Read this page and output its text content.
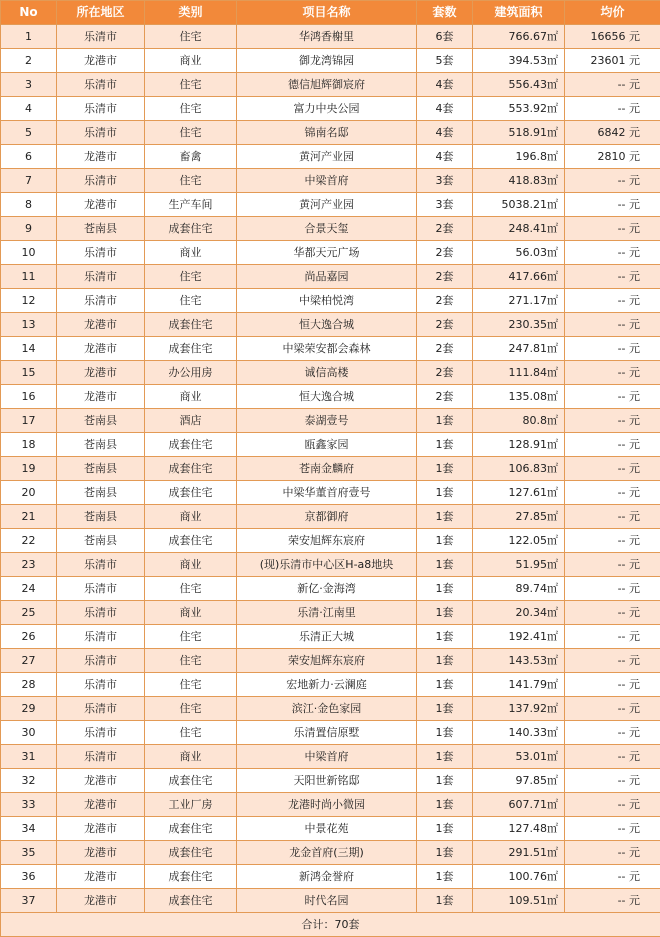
No	所在地区	类别	项目名称	套数	建筑面积	均价
1	乐清市	住宅	华鸿香榭里	6套	766.67㎡	16656 元
2	龙港市	商业	御龙湾锦园	5套	394.53㎡	23601 元
3	乐清市	住宅	德信旭辉御宸府	4套	556.43㎡	-- 元
4	乐清市	住宅	富力中央公园	4套	553.92㎡	-- 元
5	乐清市	住宅	锦南名邸	4套	518.91㎡	6842 元
6	龙港市	畜禽	黄河产业园	4套	196.8㎡	2810 元
7	乐清市	住宅	中梁首府	3套	418.83㎡	-- 元
8	龙港市	生产车间	黄河产业园	3套	5038.21㎡	-- 元
9	苍南县	成套住宅	合景天玺	2套	248.41㎡	-- 元
10	乐清市	商业	华都天元广场	2套	56.03㎡	-- 元
11	乐清市	住宅	尚品嘉园	2套	417.66㎡	-- 元
12	乐清市	住宅	中梁柏悦湾	2套	271.17㎡	-- 元
13	龙港市	成套住宅	恒大逸合城	2套	230.35㎡	-- 元
14	龙港市	成套住宅	中梁荣安都会森林	2套	247.81㎡	-- 元
15	龙港市	办公用房	诚信高楼	2套	111.84㎡	-- 元
16	龙港市	商业	恒大逸合城	2套	135.08㎡	-- 元
17	苍南县	酒店	泰湖壹号	1套	80.8㎡	-- 元
18	苍南县	成套住宅	瓯鑫家园	1套	128.91㎡	-- 元
19	苍南县	成套住宅	苍南金麟府	1套	106.83㎡	-- 元
20	苍南县	成套住宅	中梁华董首府壹号	1套	127.61㎡	-- 元
21	苍南县	商业	京都御府	1套	27.85㎡	-- 元
22	苍南县	成套住宅	荣安旭辉东宸府	1套	122.05㎡	-- 元
23	乐清市	商业	(现)乐清市中心区H-a8地块	1套	51.95㎡	-- 元
24	乐清市	住宅	新亿·金海湾	1套	89.74㎡	-- 元
25	乐清市	商业	乐清·江南里	1套	20.34㎡	-- 元
26	乐清市	住宅	乐清正大城	1套	192.41㎡	-- 元
27	乐清市	住宅	荣安旭辉东宸府	1套	143.53㎡	-- 元
28	乐清市	住宅	宏地新力·云澜庭	1套	141.79㎡	-- 元
29	乐清市	住宅	滨江·金色家园	1套	137.92㎡	-- 元
30	乐清市	住宅	乐清置信原墅	1套	140.33㎡	-- 元
31	乐清市	商业	中梁首府	1套	53.01㎡	-- 元
32	龙港市	成套住宅	天阳世新铭邸	1套	97.85㎡	-- 元
33	龙港市	工业厂房	龙港时尚小微园	1套	607.71㎡	-- 元
34	龙港市	成套住宅	中景花苑	1套	127.48㎡	-- 元
35	龙港市	成套住宅	龙金首府(三期)	1套	291.51㎡	-- 元
36	龙港市	成套住宅	新鸿金誉府	1套	100.76㎡	-- 元
37	龙港市	成套住宅	时代名园	1套	109.51㎡	-- 元
合计：70套						
